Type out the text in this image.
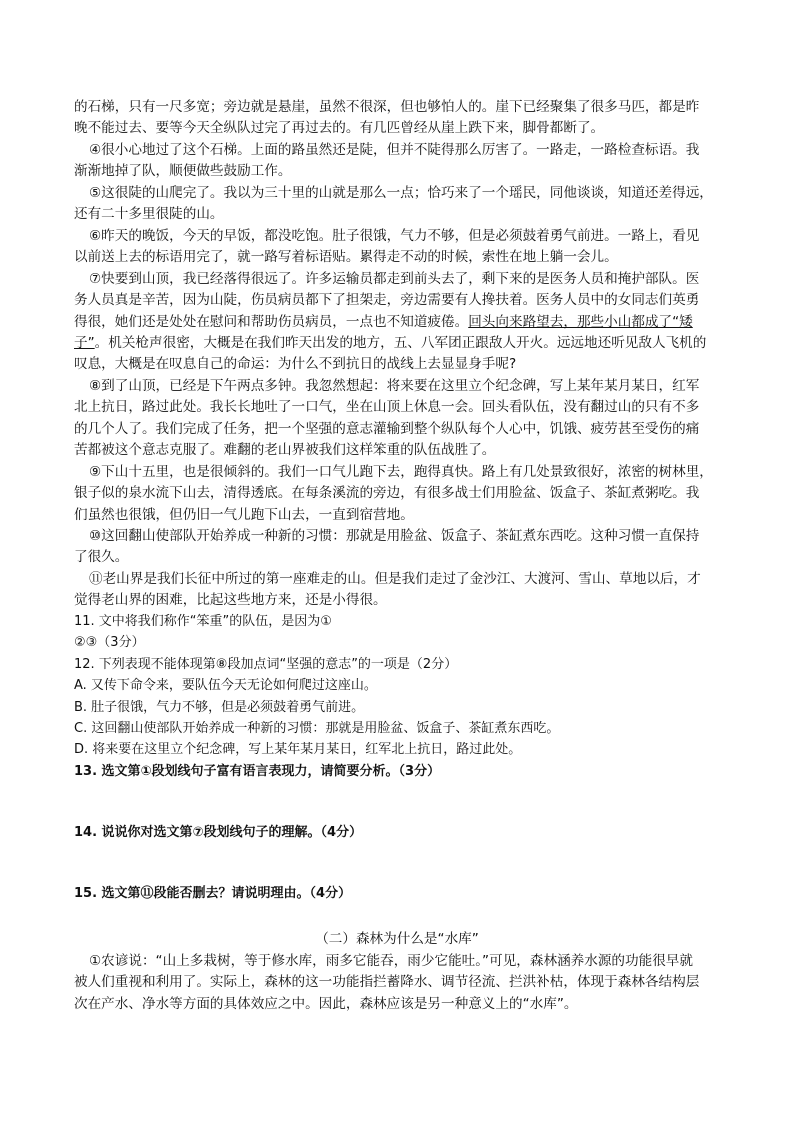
的石梯，只有一尺多宽；旁边就是悬崖，虽然不很深，但也够怕人的。崖下已经聚集了很多马匹，都是昨
晚不能过去、要等今天全纵队过完了再过去的。有几匹曾经从崖上跌下来，脚骨都断了。
④很小心地过了这个石梯。上面的路虽然还是陡，但并不陡得那么厉害了。一路走，一路检查标语。我
渐渐地掉了队，顺便做些鼓励工作。
⑤这很陡的山爬完了。我以为三十里的山就是那么一点；恰巧来了一个瑶民，同他谈谈，知道还差得远，
还有二十多里很陡的山。
⑥昨天的晚饭，今天的早饭，都没吃饱。肚子很饿，气力不够，但是必须鼓着勇气前进。一路上，看见
以前送上去的标语用完了，就一路写着标语贴。累得走不动的时候，索性在地上躺一会儿。
⑦快要到山顶，我已经落得很远了。许多运输员都走到前头去了，剩下来的是医务人员和掩护部队。医
务人员真是辛苦，因为山陡，伤员病员都下了担架走，旁边需要有人搀扶着。医务人员中的女同志们英勇
得很，她们还是处处在慰问和帮助伤员病员，一点也不知道疲倦。回头向来路望去，那些小山都成了“矮
子”。机关枪声很密，大概是在我们昨天出发的地方，五、八军团正跟敌人开火。远远地还听见敌人飞机的
叹息，大概是在叹息自己的命运：为什么不到抗日的战线上去显显身手呢?
⑧到了山顶，已经是下午两点多钟。我忽然想起：将来要在这里立个纪念碑，写上某年某月某日，红军
北上抗日，路过此处。我长长地吐了一口气，坐在山顶上休息一会。回头看队伍，没有翻过山的只有不多
的几个人了。我们完成了任务，把一个坚强的意志灌输到整个纵队每个人心中，饥饿、疲劳甚至受伤的痛
苦都被这个意志克服了。难翻的老山界被我们这样笨重的队伍战胜了。
⑨下山十五里，也是很倾斜的。我们一口气儿跑下去，跑得真快。路上有几处景致很好，浓密的树林里，
银子似的泉水流下山去，清得透底。在每条溪流的旁边，有很多战士们用脸盆、饭盒子、茶缸煮粥吃。我
们虽然也很饿，但仍旧一气儿跑下山去，一直到宿营地。
⑩这回翻山使部队开始养成一种新的习惯：那就是用脸盆、饭盒子、茶缸煮东西吃。这种习惯一直保持
了很久。
⑪老山界是我们长征中所过的第一座难走的山。但是我们走过了金沙江、大渡河、雪山、草地以后，才
觉得老山界的困难，比起这些地方来，还是小得很。
11. 文中将我们称作“笨重”的队伍，是因为①
②③（3分）
12. 下列表现不能体现第⑧段加点词“坚强的意志”的一项是（2分）
A. 又传下命令来，要队伍今天无论如何爬过这座山。
B. 肚子很饿，气力不够，但是必须鼓着勇气前进。
C. 这回翻山使部队开始养成一种新的习惯：那就是用脸盆、饭盒子、茶缸煮东西吃。
D. 将来要在这里立个纪念碑，写上某年某月某日，红军北上抗日，路过此处。
13. 选文第①段划线句子富有语言表现力，请简要分析。（3分）
14. 说说你对选文第⑦段划线句子的理解。（4分）
15. 选文第⑪段能否删去？请说明理由。（4分）
（二）森林为什么是“水库”
①农谚说：“山上多栽树，等于修水库，雨多它能吞，雨少它能吐。”可见，森林涵养水源的功能很早就
被人们重视和利用了。实际上，森林的这一功能指拦蓄降水、调节径流、拦洪补枯，体现于森林各结构层
次在产水、净水等方面的具体效应之中。因此，森林应该是另一种意义上的“水库”。
